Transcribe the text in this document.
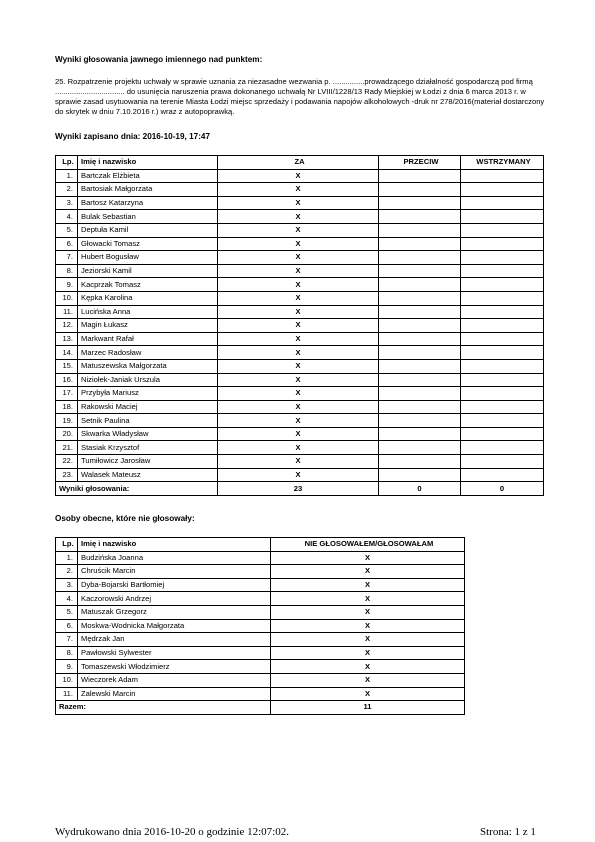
Wyniki głosowania jawnego imiennego nad punktem:

25. Rozpatrzenie projektu uchwały w sprawie uznania za niezasadne wezwania p. ...............prowadzącego działalność gospodarczą pod firmą ................................. do usunięcia naruszenia prawa dokonanego uchwałą Nr LVIII/1228/13 Rady Miejskiej w Łodzi z dnia 6 marca 2013 r. w sprawie zasad usytuowania na terenie Miasta Łodzi miejsc sprzedaży i podawania napojów alkoholowych -druk nr 278/2016(materiał dostarczony do skrytek w dniu 7.10.2016 r.) wraz z autopoprawką.

Wyniki zapisano dnia: 2016-10-19, 17:47
Lp.	Imię i nazwisko	ZA	PRZECIW	WSTRZYMANY
1.	Bartczak Elżbieta	X		
2.	Bartosiak Małgorzata	X		
3.	Bartosz Katarzyna	X		
4.	Bulak Sebastian	X		
5.	Deptuła Kamil	X		
6.	Głowacki Tomasz	X		
7.	Hubert Bogusław	X		
8.	Jeziorski Kamil	X		
9.	Kacprzak Tomasz	X		
10.	Kępka Karolina	X		
11.	Lucińska Anna	X		
12.	Magin Łukasz	X		
13.	Markwant Rafał	X		
14.	Marzec Radosław	X		
15.	Matuszewska Małgorzata	X		
16.	Niziołek-Janiak Urszula	X		
17.	Przybyła Mariusz	X		
18.	Rakowski Maciej	X		
19.	Setnik Paulina	X		
20.	Skwarka Władysław	X		
21.	Stasiak Krzysztof	X		
22.	Tumiłowicz Jarosław	X		
23.	Walasek Mateusz	X		
Wyniki głosowania:		23	0	0
Osoby obecne, które nie głosowały:
Lp.	Imię i nazwisko	NIE GŁOSOWAŁEM/GŁOSOWAŁAM
1.	Budzińska Joanna	X
2.	Chruścik Marcin	X
3.	Dyba-Bojarski Bartłomiej	X
4.	Kaczorowski Andrzej	X
5.	Matuszak Grzegorz	X
6.	Moskwa-Wodnicka Małgorzata	X
7.	Mędrzak Jan	X
8.	Pawłowski Sylwester	X
9.	Tomaszewski Włodzimierz	X
10.	Wieczorek Adam	X
11.	Zalewski Marcin	X
Razem:		11
Wydrukowano dnia 2016-10-20 o godzinie 12:07:02.	Strona: 1 z 1
